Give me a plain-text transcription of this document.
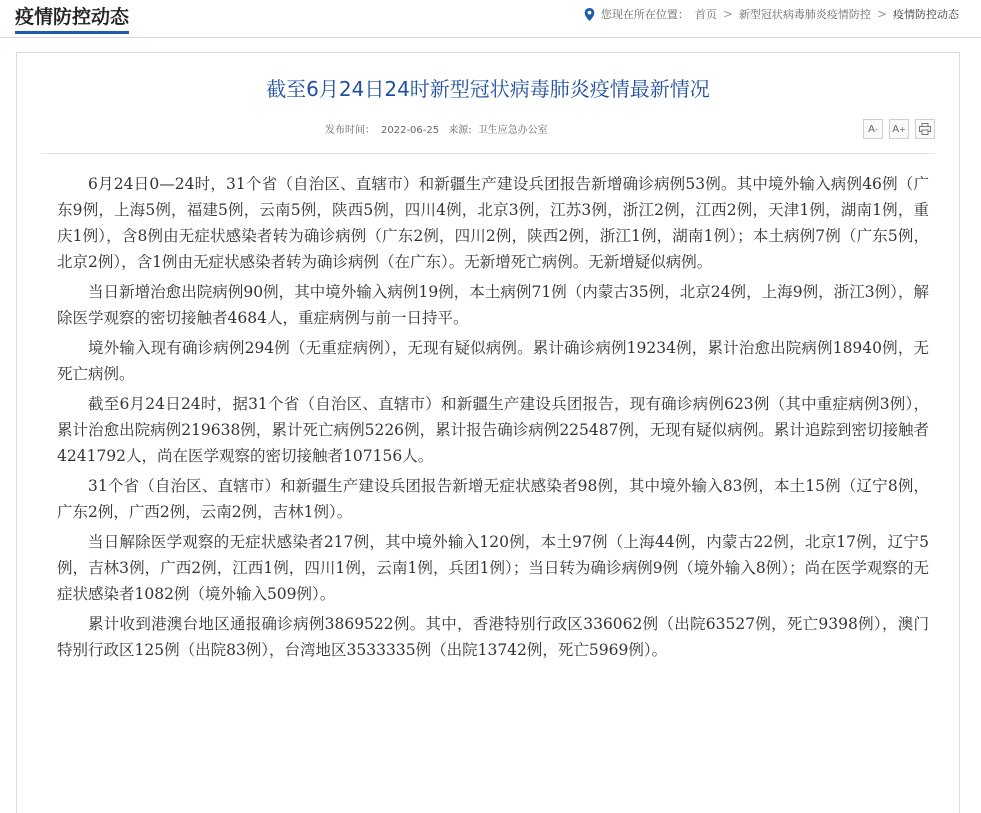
疫情防控动态	您现在所在位置： 首页 > 新型冠状病毒肺炎疫情防控 > 疫情防控动态
截至6月24日24时新型冠状病毒肺炎疫情最新情况
发布时间： 2022-06-25 来源: 卫生应急办公室	A - A +

6月24日0—24时，31个省（自治区、直辖市）和新疆生产建设兵团报告新增确诊病例53例。其中境外输入病例46例（广东9例，上海5例，福建5例，云南5例，陕西5例，四川4例，北京3例，江苏3例，浙江2例，江西2例，天津1例，湖南1例，重庆1例），含8例由无症状感染者转为确诊病例（广东2例，四川2例，陕西2例，浙江1例，湖南1例）；本土病例7例（广东5例，北京2例），含1例由无症状感染者转为确诊病例（在广东）。无新增死亡病例。无新增疑似病例。

当日新增治愈出院病例90例，其中境外输入病例19例，本土病例71例（内蒙古35例，北京24例，上海9例，浙江3例），解除医学观察的密切接触者4684人，重症病例与前一日持平。

境外输入现有确诊病例294例（无重症病例），无现有疑似病例。累计确诊病例19234例，累计治愈出院病例18940例，无死亡病例。

截至6月24日24时，据31个省（自治区、直辖市）和新疆生产建设兵团报告，现有确诊病例623例（其中重症病例3例），累计治愈出院病例219638例，累计死亡病例5226例，累计报告确诊病例225487例，无现有疑似病例。累计追踪到密切接触者4241792人，尚在医学观察的密切接触者107156人。

31个省（自治区、直辖市）和新疆生产建设兵团报告新增无症状感染者98例，其中境外输入83例，本土15例（辽宁8例，广东2例，广西2例，云南2例，吉林1例）。

当日解除医学观察的无症状感染者217例，其中境外输入120例，本土97例（上海44例，内蒙古22例，北京17例，辽宁5例，吉林3例，广西2例，江西1例，四川1例，云南1例，兵团1例）；当日转为确诊病例9例（境外输入8例）；尚在医学观察的无症状感染者1082例（境外输入509例）。

累计收到港澳台地区通报确诊病例3869522例。其中，香港特别行政区336062例（出院63527例，死亡9398例），澳门特别行政区125例（出院83例），台湾地区3533335例（出院13742例，死亡5969例）。
